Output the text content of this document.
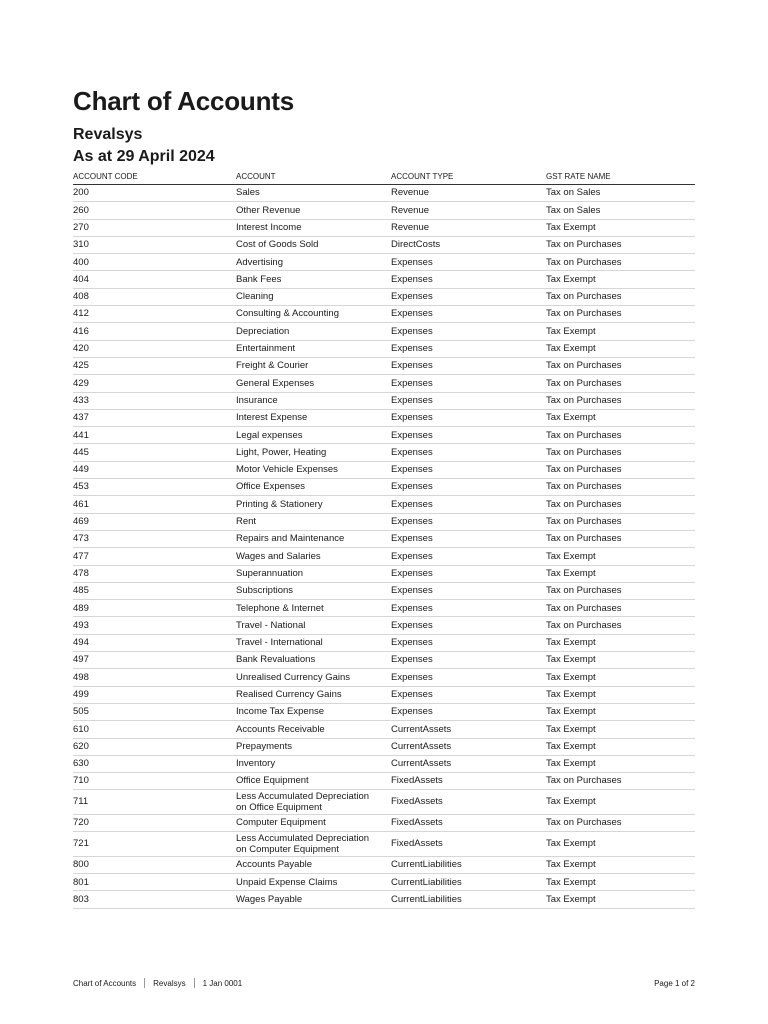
Chart of Accounts
Revalsys
As at 29 April 2024
ACCOUNT CODE	ACCOUNT	ACCOUNT TYPE	GST RATE NAME
200	Sales	Revenue	Tax on Sales
260	Other Revenue	Revenue	Tax on Sales
270	Interest Income	Revenue	Tax Exempt
310	Cost of Goods Sold	DirectCosts	Tax on Purchases
400	Advertising	Expenses	Tax on Purchases
404	Bank Fees	Expenses	Tax Exempt
408	Cleaning	Expenses	Tax on Purchases
412	Consulting & Accounting	Expenses	Tax on Purchases
416	Depreciation	Expenses	Tax Exempt
420	Entertainment	Expenses	Tax Exempt
425	Freight & Courier	Expenses	Tax on Purchases
429	General Expenses	Expenses	Tax on Purchases
433	Insurance	Expenses	Tax on Purchases
437	Interest Expense	Expenses	Tax Exempt
441	Legal expenses	Expenses	Tax on Purchases
445	Light, Power, Heating	Expenses	Tax on Purchases
449	Motor Vehicle Expenses	Expenses	Tax on Purchases
453	Office Expenses	Expenses	Tax on Purchases
461	Printing & Stationery	Expenses	Tax on Purchases
469	Rent	Expenses	Tax on Purchases
473	Repairs and Maintenance	Expenses	Tax on Purchases
477	Wages and Salaries	Expenses	Tax Exempt
478	Superannuation	Expenses	Tax Exempt
485	Subscriptions	Expenses	Tax on Purchases
489	Telephone & Internet	Expenses	Tax on Purchases
493	Travel - National	Expenses	Tax on Purchases
494	Travel - International	Expenses	Tax Exempt
497	Bank Revaluations	Expenses	Tax Exempt
498	Unrealised Currency Gains	Expenses	Tax Exempt
499	Realised Currency Gains	Expenses	Tax Exempt
505	Income Tax Expense	Expenses	Tax Exempt
610	Accounts Receivable	CurrentAssets	Tax Exempt
620	Prepayments	CurrentAssets	Tax Exempt
630	Inventory	CurrentAssets	Tax Exempt
710	Office Equipment	FixedAssets	Tax on Purchases
711	Less Accumulated Depreciation
on Office Equipment	FixedAssets	Tax Exempt
720	Computer Equipment	FixedAssets	Tax on Purchases
721	Less Accumulated Depreciation
on Computer Equipment	FixedAssets	Tax Exempt
800	Accounts Payable	CurrentLiabilities	Tax Exempt
801	Unpaid Expense Claims	CurrentLiabilities	Tax Exempt
803	Wages Payable	CurrentLiabilities	Tax Exempt
Chart of Accounts Revalsys 1 Jan 0001	Page 1 of 2
